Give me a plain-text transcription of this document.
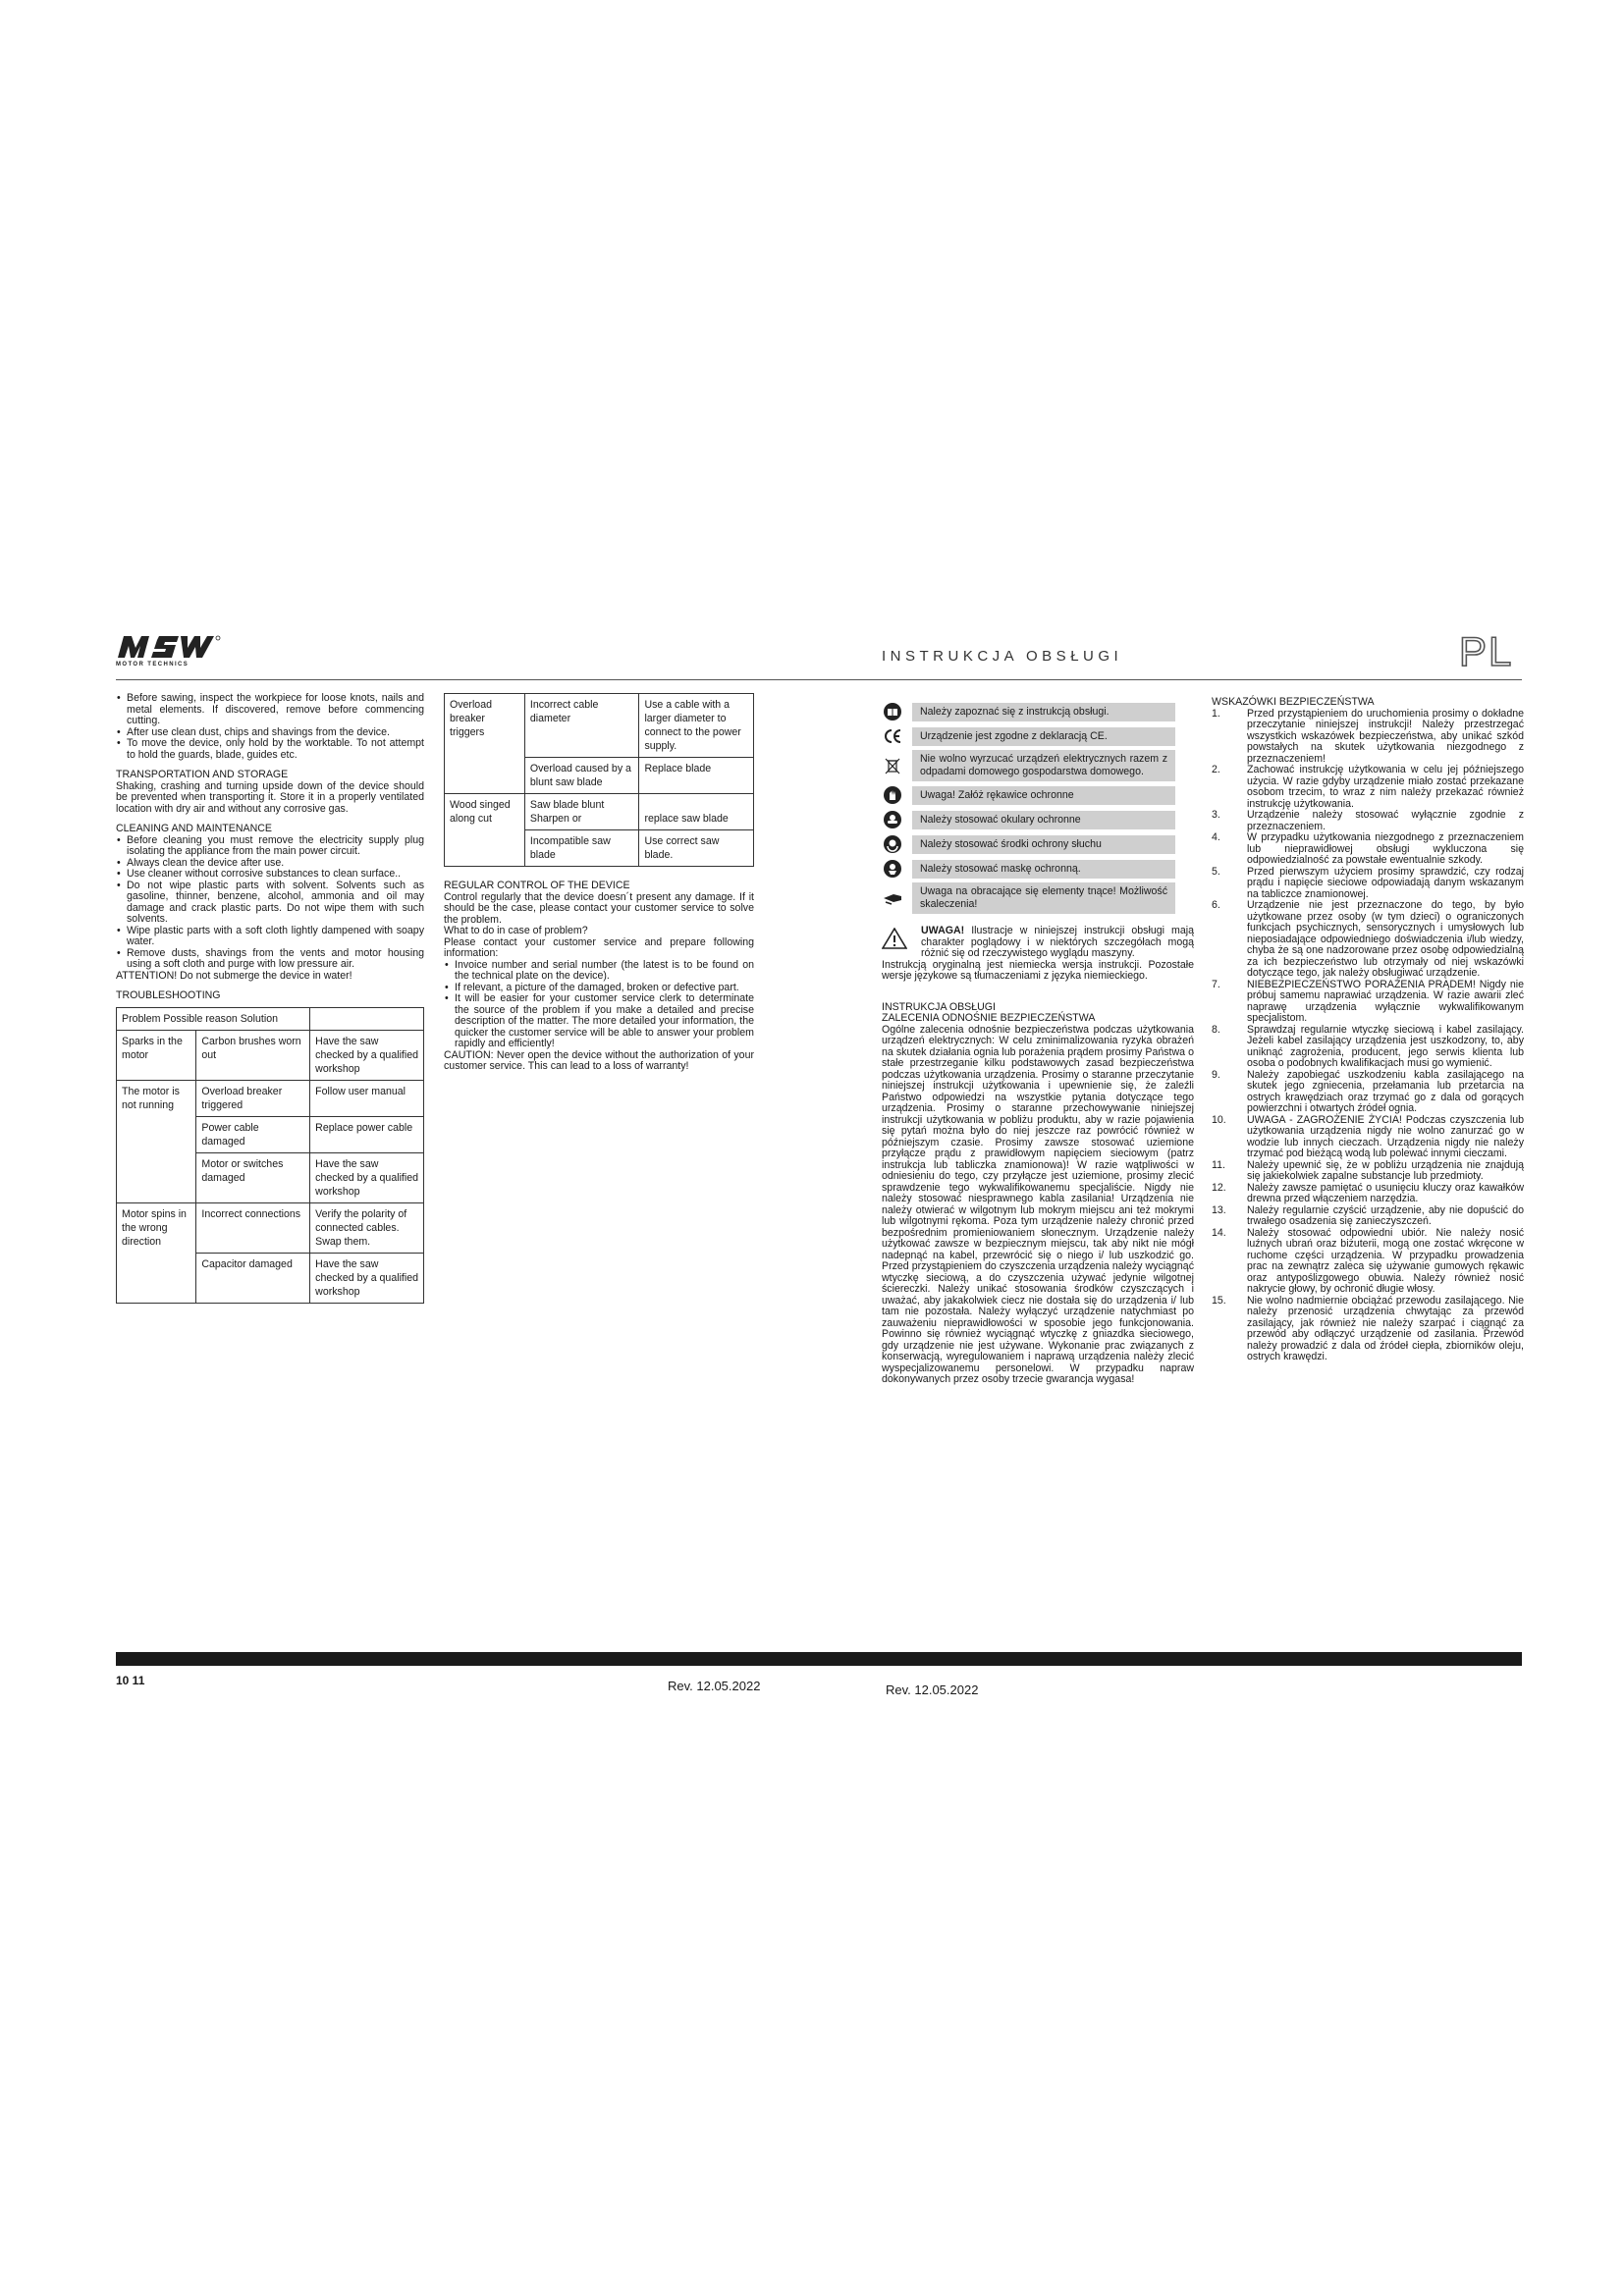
MOTOR TECHNICS	INSTRUKCJA OBSŁUGI	PL
• Before sawing, inspect the workpiece for loose knots, nails and metal elements. If discovered, remove before commencing cutting.
• After use clean dust, chips and shavings from the device.
• To move the device, only hold by the worktable. To not attempt to hold the guards, blade, guides etc.

TRANSPORTATION AND STORAGE

Shaking, crashing and turning upside down of the device should be prevented when transporting it. Store it in a properly ventilated location with dry air and without any corrosive gas.

CLEANING AND MAINTENANCE

• Before cleaning you must remove the electricity supply plug isolating the appliance from the main power circuit.
• Always clean the device after use.
• Use cleaner without corrosive substances to clean surface..
• Do not wipe plastic parts with solvent. Solvents such as gasoline, thinner, benzene, alcohol, ammonia and oil may damage and crack plastic parts. Do not wipe them with such solvents.
• Wipe plastic parts with a soft cloth lightly dampened with soapy water.
• Remove dusts, shavings from the vents and motor housing using a soft cloth and purge with low pressure air.

ATTENTION! Do not submerge the device in water!

TROUBLESHOOTING

Problem Possible reason Solution		
Sparks in the motor	Carbon brushes worn out	Have the saw checked by a qualified workshop
The motor is not running	Overload breaker triggered	Follow user manual
	Power cable damaged	Replace power cable
	Motor or switches damaged	Have the saw checked by a qualified workshop
Motor spins in the wrong direction	Incorrect connections	Verify the polarity of connected cables. Swap them.
	Capacitor damaged	Have the saw checked by a qualified workshop
Overload breaker triggers	Incorrect cable diameter	Use a cable with a larger diameter to connect to the power supply.
	Overload caused by a blunt saw blade	Replace blade
Wood singed along cut	Saw blade blunt Sharpen or	replace saw blade
	Incompatible saw blade	Use correct saw blade.

REGULAR CONTROL OF THE DEVICE

Control regularly that the device doesn´t present any damage. If it should be the case, please contact your customer service to solve the problem.

What to do in case of problem?

Please contact your customer service and prepare following information:

• Invoice number and serial number (the latest is to be found on the technical plate on the device).
• If relevant, a picture of the damaged, broken or defective part.
• It will be easier for your customer service clerk to determinate the source of the problem if you make a detailed and precise description of the matter. The more detailed your information, the quicker the customer service will be able to answer your problem rapidly and efficiently!

CAUTION: Never open the device without the authorization of your customer service. This can lead to a loss of warranty!

Należy zapoznać się z instrukcją obsługi.
Urządzenie jest zgodne z deklaracją CE.
Nie wolno wyrzucać urządzeń elektrycznych razem z odpadami domowego gospodarstwa domowego.
Uwaga! Załóż rękawice ochronne
Należy stosować okulary ochronne
Należy stosować środki ochrony słuchu
Należy stosować maskę ochronną.
Uwaga na obracające się elementy tnące! Możliwość skaleczenia!

UWAGA! Ilustracje w niniejszej instrukcji obsługi mają charakter poglądowy i w niektórych szczegółach mogą różnić się od rzeczywistego wyglądu maszyny.

Instrukcją oryginalną jest niemiecka wersja instrukcji. Pozostałe wersje językowe są tłumaczeniami z języka niemieckiego.

INSTRUKCJA OBSŁUGI

ZALECENIA ODNOŚNIE BEZPIECZEŃSTWA

Ogólne zalecenia odnośnie bezpieczeństwa podczas użytkowania urządzeń elektrycznych: W celu zminimalizowania ryzyka obrażeń na skutek działania ognia lub porażenia prądem prosimy Państwa o stałe przestrzeganie kilku podstawowych zasad bezpieczeństwa podczas użytkowania urządzenia. Prosimy o staranne przeczytanie niniejszej instrukcji użytkowania i upewnienie się, że zaleźli Państwo odpowiedzi na wszystkie pytania dotyczące tego urządzenia. Prosimy o staranne przechowywanie niniejszej instrukcji użytkowania w pobliżu produktu, aby w razie pojawienia się pytań można było do niej jeszcze raz powrócić również w późniejszym czasie. Prosimy zawsze stosować uziemione przyłącze prądu z prawidłowym napięciem sieciowym (patrz instrukcja lub tabliczka znamionowa)! W razie wątpliwości w odniesieniu do tego, czy przyłącze jest uziemione, prosimy zlecić sprawdzenie tego wykwalifikowanemu specjaliście. Nigdy nie należy stosować niesprawnego kabla zasilania! Urządzenia nie należy otwierać w wilgotnym lub mokrym miejscu ani też mokrymi lub wilgotnymi rękoma. Poza tym urządzenie należy chronić przed bezpośrednim promieniowaniem słonecznym. Urządzenie należy użytkować zawsze w bezpiecznym miejscu, tak aby nikt nie mógł nadepnąć na kabel, przewrócić się o niego i/ lub uszkodzić go. Przed przystąpieniem do czyszczenia urządzenia należy wyciągnąć wtyczkę sieciową, a do czyszczenia używać jedynie wilgotnej ściereczki. Należy unikać stosowania środków czyszczących i uważać, aby jakakolwiek ciecz nie dostała się do urządzenia i/ lub tam nie pozostała. Należy wyłączyć urządzenie natychmiast po zauważeniu nieprawidłowości w sposobie jego funkcjonowania. Powinno się również wyciągnąć wtyczkę z gniazdka sieciowego, gdy urządzenie nie jest używane. Wykonanie prac związanych z konserwacją, wyregulowaniem i naprawą urządzenia należy zlecić wyspecjalizowanemu personelowi. W przypadku napraw dokonywanych przez osoby trzecie gwarancja wygasa!

WSKAZÓWKI BEZPIECZEŃSTWA

1.	Przed przystąpieniem do uruchomienia prosimy o dokładne przeczytanie niniejszej instrukcji! Należy przestrzegać wszystkich wskazówek bezpieczeństwa, aby unikać szkód powstałych na skutek użytkowania niezgodnego z przeznaczeniem!
2.	Zachować instrukcję użytkowania w celu jej późniejszego użycia. W razie gdyby urządzenie miało zostać przekazane osobom trzecim, to wraz z nim należy przekazać również instrukcję użytkowania.
3.	Urządzenie należy stosować wyłącznie zgodnie z przeznaczeniem.
4.	W przypadku użytkowania niezgodnego z przeznaczeniem lub nieprawidłowej obsługi wykluczona się odpowiedzialność za powstałe ewentualnie szkody.
5.	Przed pierwszym użyciem prosimy sprawdzić, czy rodzaj prądu i napięcie sieciowe odpowiadają danym wskazanym na tabliczce znamionowej.
6.	Urządzenie nie jest przeznaczone do tego, by było użytkowane przez osoby (w tym dzieci) o ograniczonych funkcjach psychicznych, sensorycznych i umysłowych lub nieposiadające odpowiedniego doświadczenia i/lub wiedzy, chyba że są one nadzorowane przez osobę odpowiedzialną za ich bezpieczeństwo lub otrzymały od niej wskazówki dotyczące tego, jak należy obsługiwać urządzenie.
7.	NIEBEZPIECZEŃSTWO PORAŻENIA PRĄDEM! Nigdy nie próbuj samemu naprawiać urządzenia. W razie awarii zleć naprawę urządzenia wyłącznie wykwalifikowanym specjalistom.
8.	Sprawdzaj regularnie wtyczkę sieciową i kabel zasilający. Jeżeli kabel zasilający urządzenia jest uszkodzony, to, aby uniknąć zagrożenia, producent, jego serwis klienta lub osoba o podobnych kwalifikacjach musi go wymienić.
9.	Należy zapobiegać uszkodzeniu kabla zasilającego na skutek jego zgniecenia, przełamania lub przetarcia na ostrych krawędziach oraz trzymać go z dala od gorących powierzchni i otwartych źródeł ognia.
10. UWAGA - ZAGROŻENIE ŻYCIA! Podczas czyszczenia lub użytkowania urządzenia nigdy nie wolno zanurzać go w wodzie lub innych cieczach. Urządzenia nigdy nie należy trzymać pod bieżącą wodą lub polewać innymi cieczami.
11. Należy upewnić się, że w pobliżu urządzenia nie znajdują się jakiekolwiek zapalne substancje lub przedmioty.
12. Należy zawsze pamiętać o usunięciu kluczy oraz kawałków drewna przed włączeniem narzędzia.
13. Należy regularnie czyścić urządzenie, aby nie dopuścić do trwałego osadzenia się zanieczyszczeń.
14. Należy stosować odpowiedni ubiór. Nie należy nosić luźnych ubrań oraz biżuterii, mogą one zostać wkręcone w ruchome części urządzenia. W przypadku prowadzenia prac na zewnątrz zaleca się używanie gumowych rękawic oraz antypoślizgowego obuwia. Należy również nosić nakrycie głowy, by ochronić długie włosy.
15. Nie wolno nadmiernie obciążać przewodu zasilającego. Nie należy przenosić urządzenia chwytając za przewód zasilający, jak również nie należy szarpać i ciągnąć za przewód aby odłączyć urządzenie od zasilania. Przewód należy prowadzić z dala od źródeł ciepła, zbiorników oleju, ostrych krawędzi.
10 11	Rev. 12.05.2022	Rev. 12.05.2022
